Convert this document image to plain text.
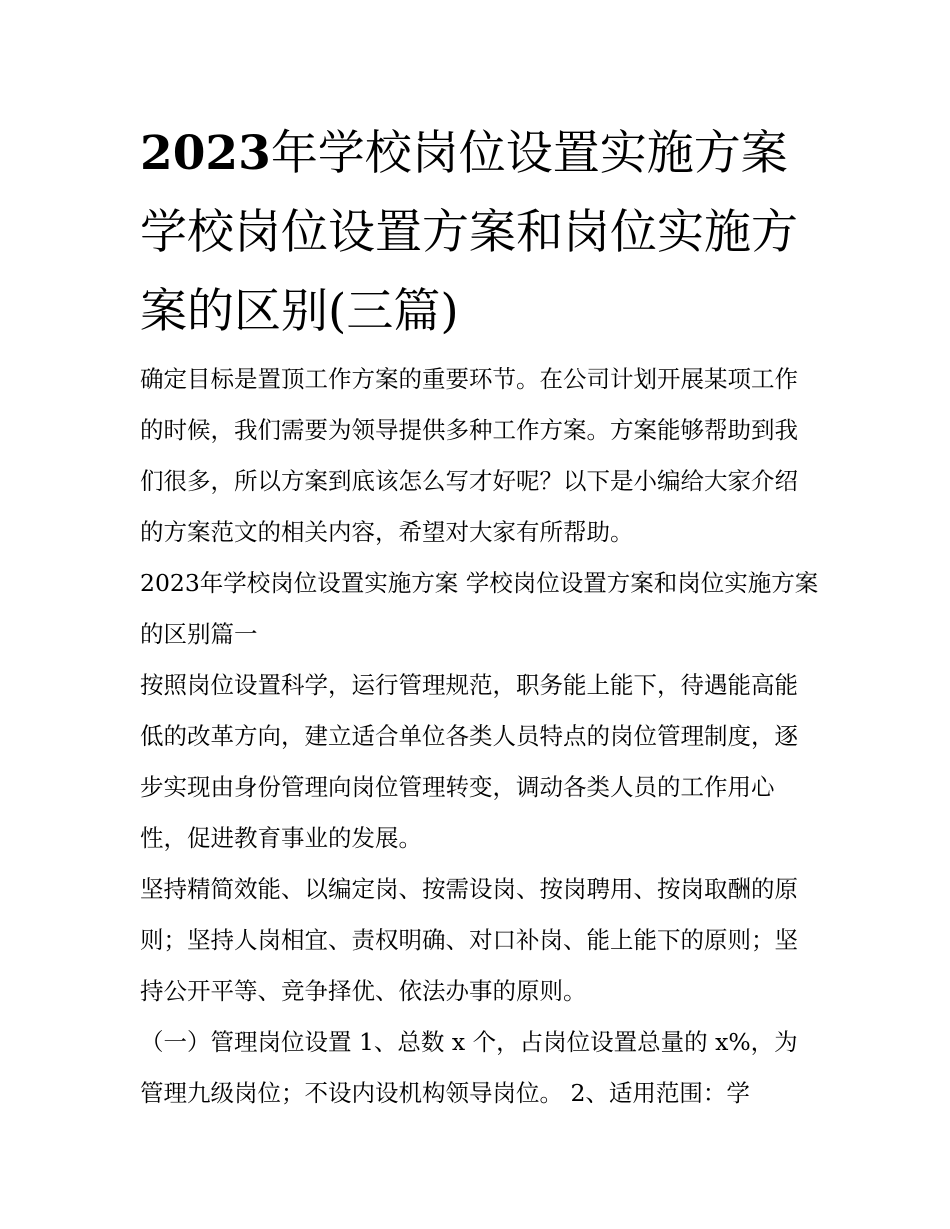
2023年学校岗位设置实施方案学校岗位设置方案和岗位实施方案的区别(三篇)

确定目标是置顶工作方案的重要环节。在公司计划开展某项工作的时候，我们需要为领导提供多种工作方案。方案能够帮助到我们很多，所以方案到底该怎么写才好呢？以下是小编给大家介绍的方案范文的相关内容，希望对大家有所帮助。

2023年学校岗位设置实施方案 学校岗位设置方案和岗位实施方案的区别篇一

按照岗位设置科学，运行管理规范，职务能上能下，待遇能高能低的改革方向，建立适合单位各类人员特点的岗位管理制度，逐步实现由身份管理向岗位管理转变，调动各类人员的工作用心性，促进教育事业的发展。

坚持精简效能、以编定岗、按需设岗、按岗聘用、按岗取酬的原则；坚持人岗相宜、责权明确、对口补岗、能上能下的原则；坚持公开平等、竞争择优、依法办事的原则。

（一）管理岗位设置 1、总数 x 个，占岗位设置总量的 x%，为管理九级岗位；不设内设机构领导岗位。 2、适用范围：学
